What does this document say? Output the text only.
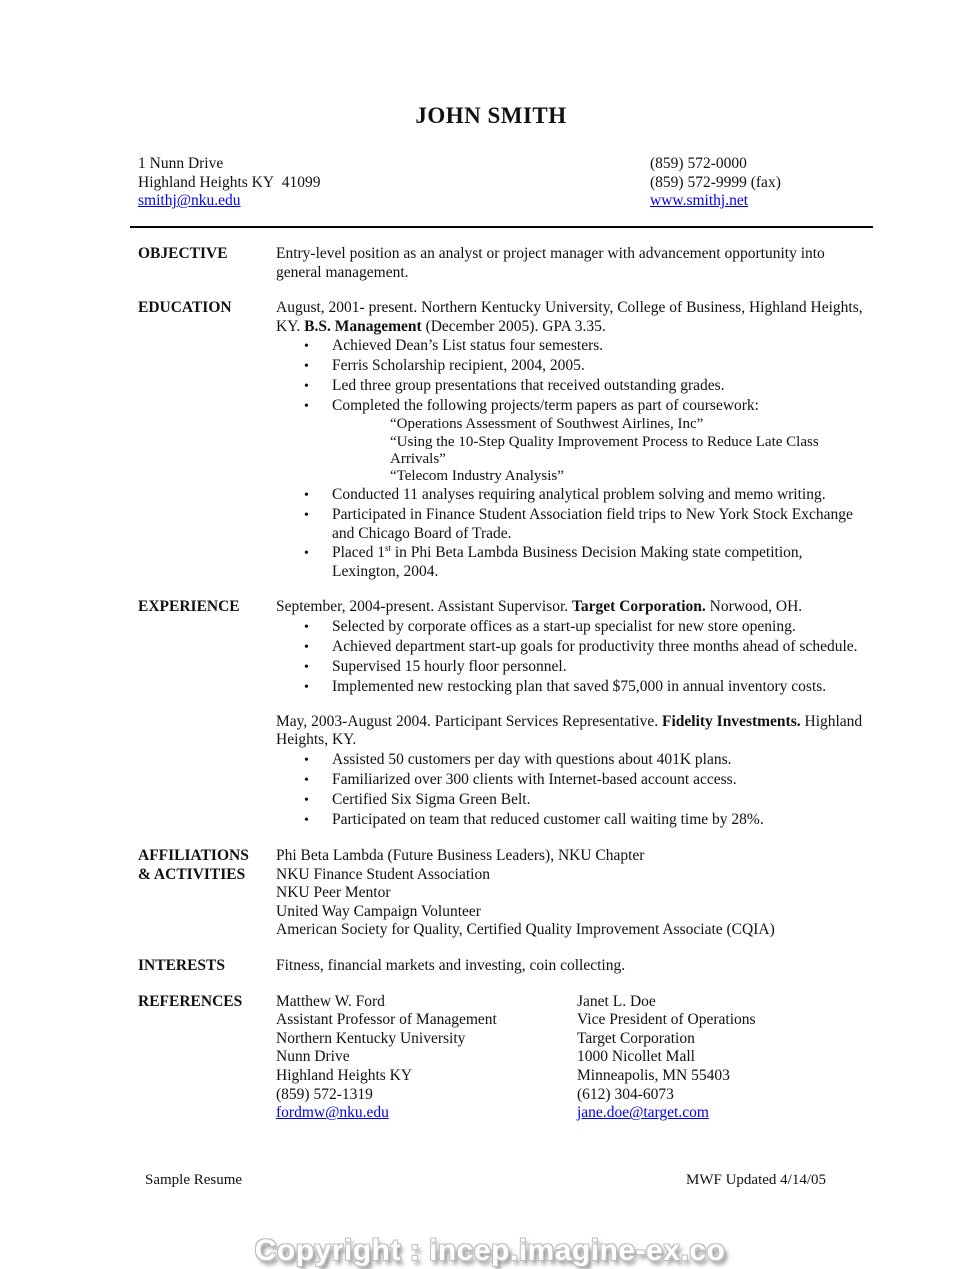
JOHN SMITH
1 Nunn Drive
Highland Heights KY  41099
smithj@nku.edu
(859) 572-0000
(859) 572-9999 (fax)
www.smithj.net
OBJECTIVE	Entry-level position as an analyst or project manager with advancement opportunity into general management.
EDUCATION	August, 2001- present. Northern Kentucky University, College of Business, Highland Heights, KY. B.S. Management (December 2005). GPA 3.35.
•	Achieved Dean’s List status four semesters.
•	Ferris Scholarship recipient, 2004, 2005.
•	Led three group presentations that received outstanding grades.
•	Completed the following projects/term papers as part of coursework:
“Operations Assessment of Southwest Airlines, Inc”
“Using the 10-Step Quality Improvement Process to Reduce Late Class Arrivals”
“Telecom Industry Analysis”
•	Conducted 11 analyses requiring analytical problem solving and memo writing.
•	Participated in Finance Student Association field trips to New York Stock Exchange and Chicago Board of Trade.
•	Placed 1st in Phi Beta Lambda Business Decision Making state competition, Lexington, 2004.
EXPERIENCE	September, 2004-present. Assistant Supervisor. Target Corporation. Norwood, OH.
•	Selected by corporate offices as a start-up specialist for new store opening.
•	Achieved department start-up goals for productivity three months ahead of schedule.
•	Supervised 15 hourly floor personnel.
•	Implemented new restocking plan that saved $75,000 in annual inventory costs.
May, 2003-August 2004. Participant Services Representative. Fidelity Investments. Highland Heights, KY.
•	Assisted 50 customers per day with questions about 401K plans.
•	Familiarized over 300 clients with Internet-based account access.
•	Certified Six Sigma Green Belt.
•	Participated on team that reduced customer call waiting time by 28%.
AFFILIATIONS
& ACTIVITIES
Phi Beta Lambda (Future Business Leaders), NKU Chapter
NKU Finance Student Association
NKU Peer Mentor
United Way Campaign Volunteer
American Society for Quality, Certified Quality Improvement Associate (CQIA)
INTERESTS	Fitness, financial markets and investing, coin collecting.
REFERENCES	Matthew W. Ford
Assistant Professor of Management
Northern Kentucky University
Nunn Drive
Highland Heights KY
(859) 572-1319
fordmw@nku.edu
Janet L. Doe
Vice President of Operations
Target Corporation
1000 Nicollet Mall
Minneapolis, MN 55403
(612) 304-6073
jane.doe@target.com
Sample Resume	MWF Updated 4/14/05
Copyright : incep.imagine-ex.co
